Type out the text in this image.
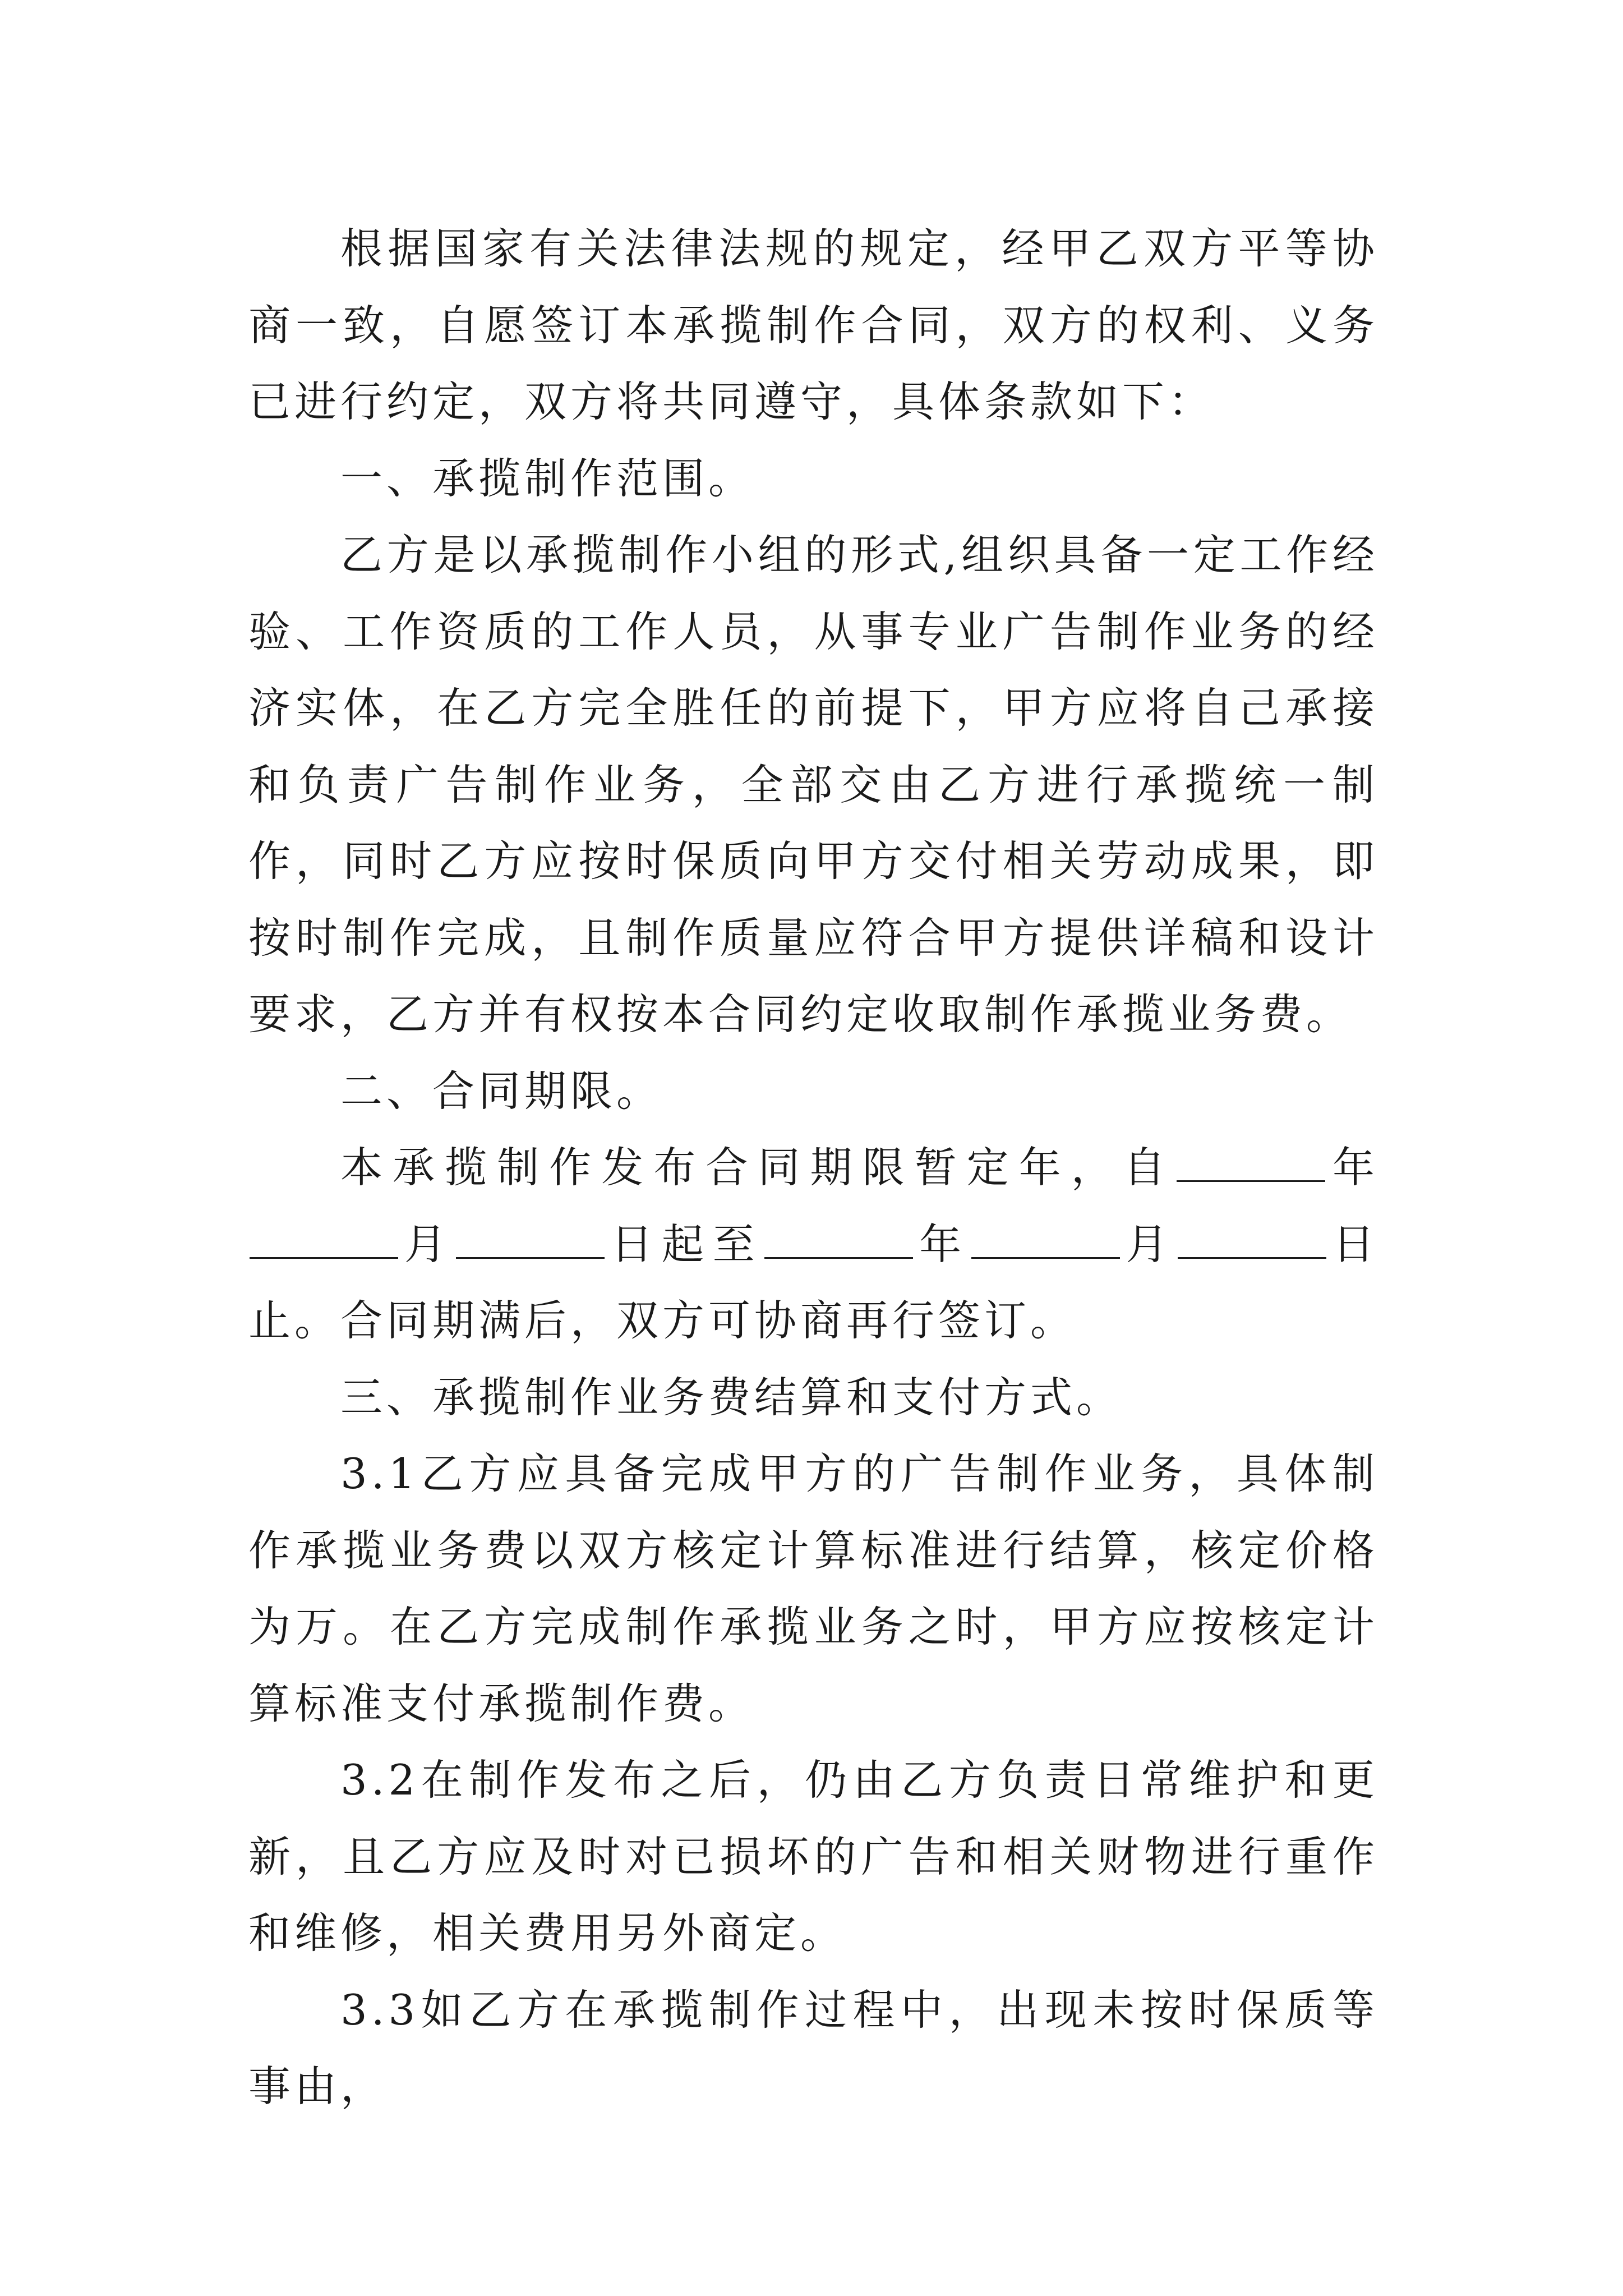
根据国家有关法律法规的规定，经甲乙双方平等协商一致，自愿签订本承揽制作合同，双方的权利、义务已进行约定，双方将共同遵守，具体条款如下：

一、承揽制作范围。

乙方是以承揽制作小组的形式,组织具备一定工作经验、工作资质的工作人员，从事专业广告制作业务的经济实体，在乙方完全胜任的前提下，甲方应将自己承接和负责广告制作业务，全部交由乙方进行承揽统一制作，同时乙方应按时保质向甲方交付相关劳动成果，即按时制作完成，且制作质量应符合甲方提供详稿和设计要求，乙方并有权按本合同约定收取制作承揽业务费。

二、合同期限。

本承揽制作发布合同期限暂定年，自	年月	日起至	年	月	日止。合同期满后，双方可协商再行签订。

三、承揽制作业务费结算和支付方式。

3.1乙方应具备完成甲方的广告制作业务，具体制作承揽业务费以双方核定计算标准进行结算，核定价格为万。在乙方完成制作承揽业务之时，甲方应按核定计算标准支付承揽制作费。

3.2在制作发布之后，仍由乙方负责日常维护和更新，且乙方应及时对已损坏的广告和相关财物进行重作和维修，相关费用另外商定。

3.3如乙方在承揽制作过程中，出现未按时保质等事由，
